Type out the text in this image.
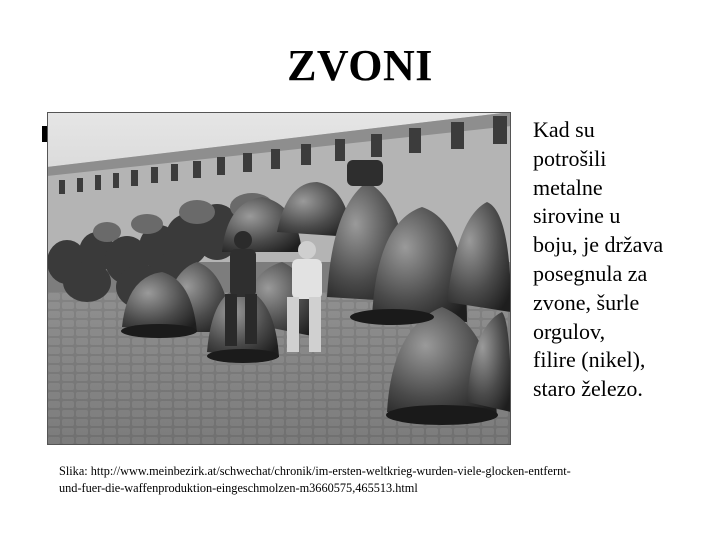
ZVONI
Kad su
potrošili
metalne
sirovine u
boju, je država
posegnula za
zvone, šurle
orgulov,
filire (nikel),
staro železo.
Slika: http://www.meinbezirk.at/schwechat/chronik/im-ersten-weltkrieg-wurden-viele-glocken-entfernt-
und-fuer-die-waffenproduktion-eingeschmolzen-m3660575,465513.html
